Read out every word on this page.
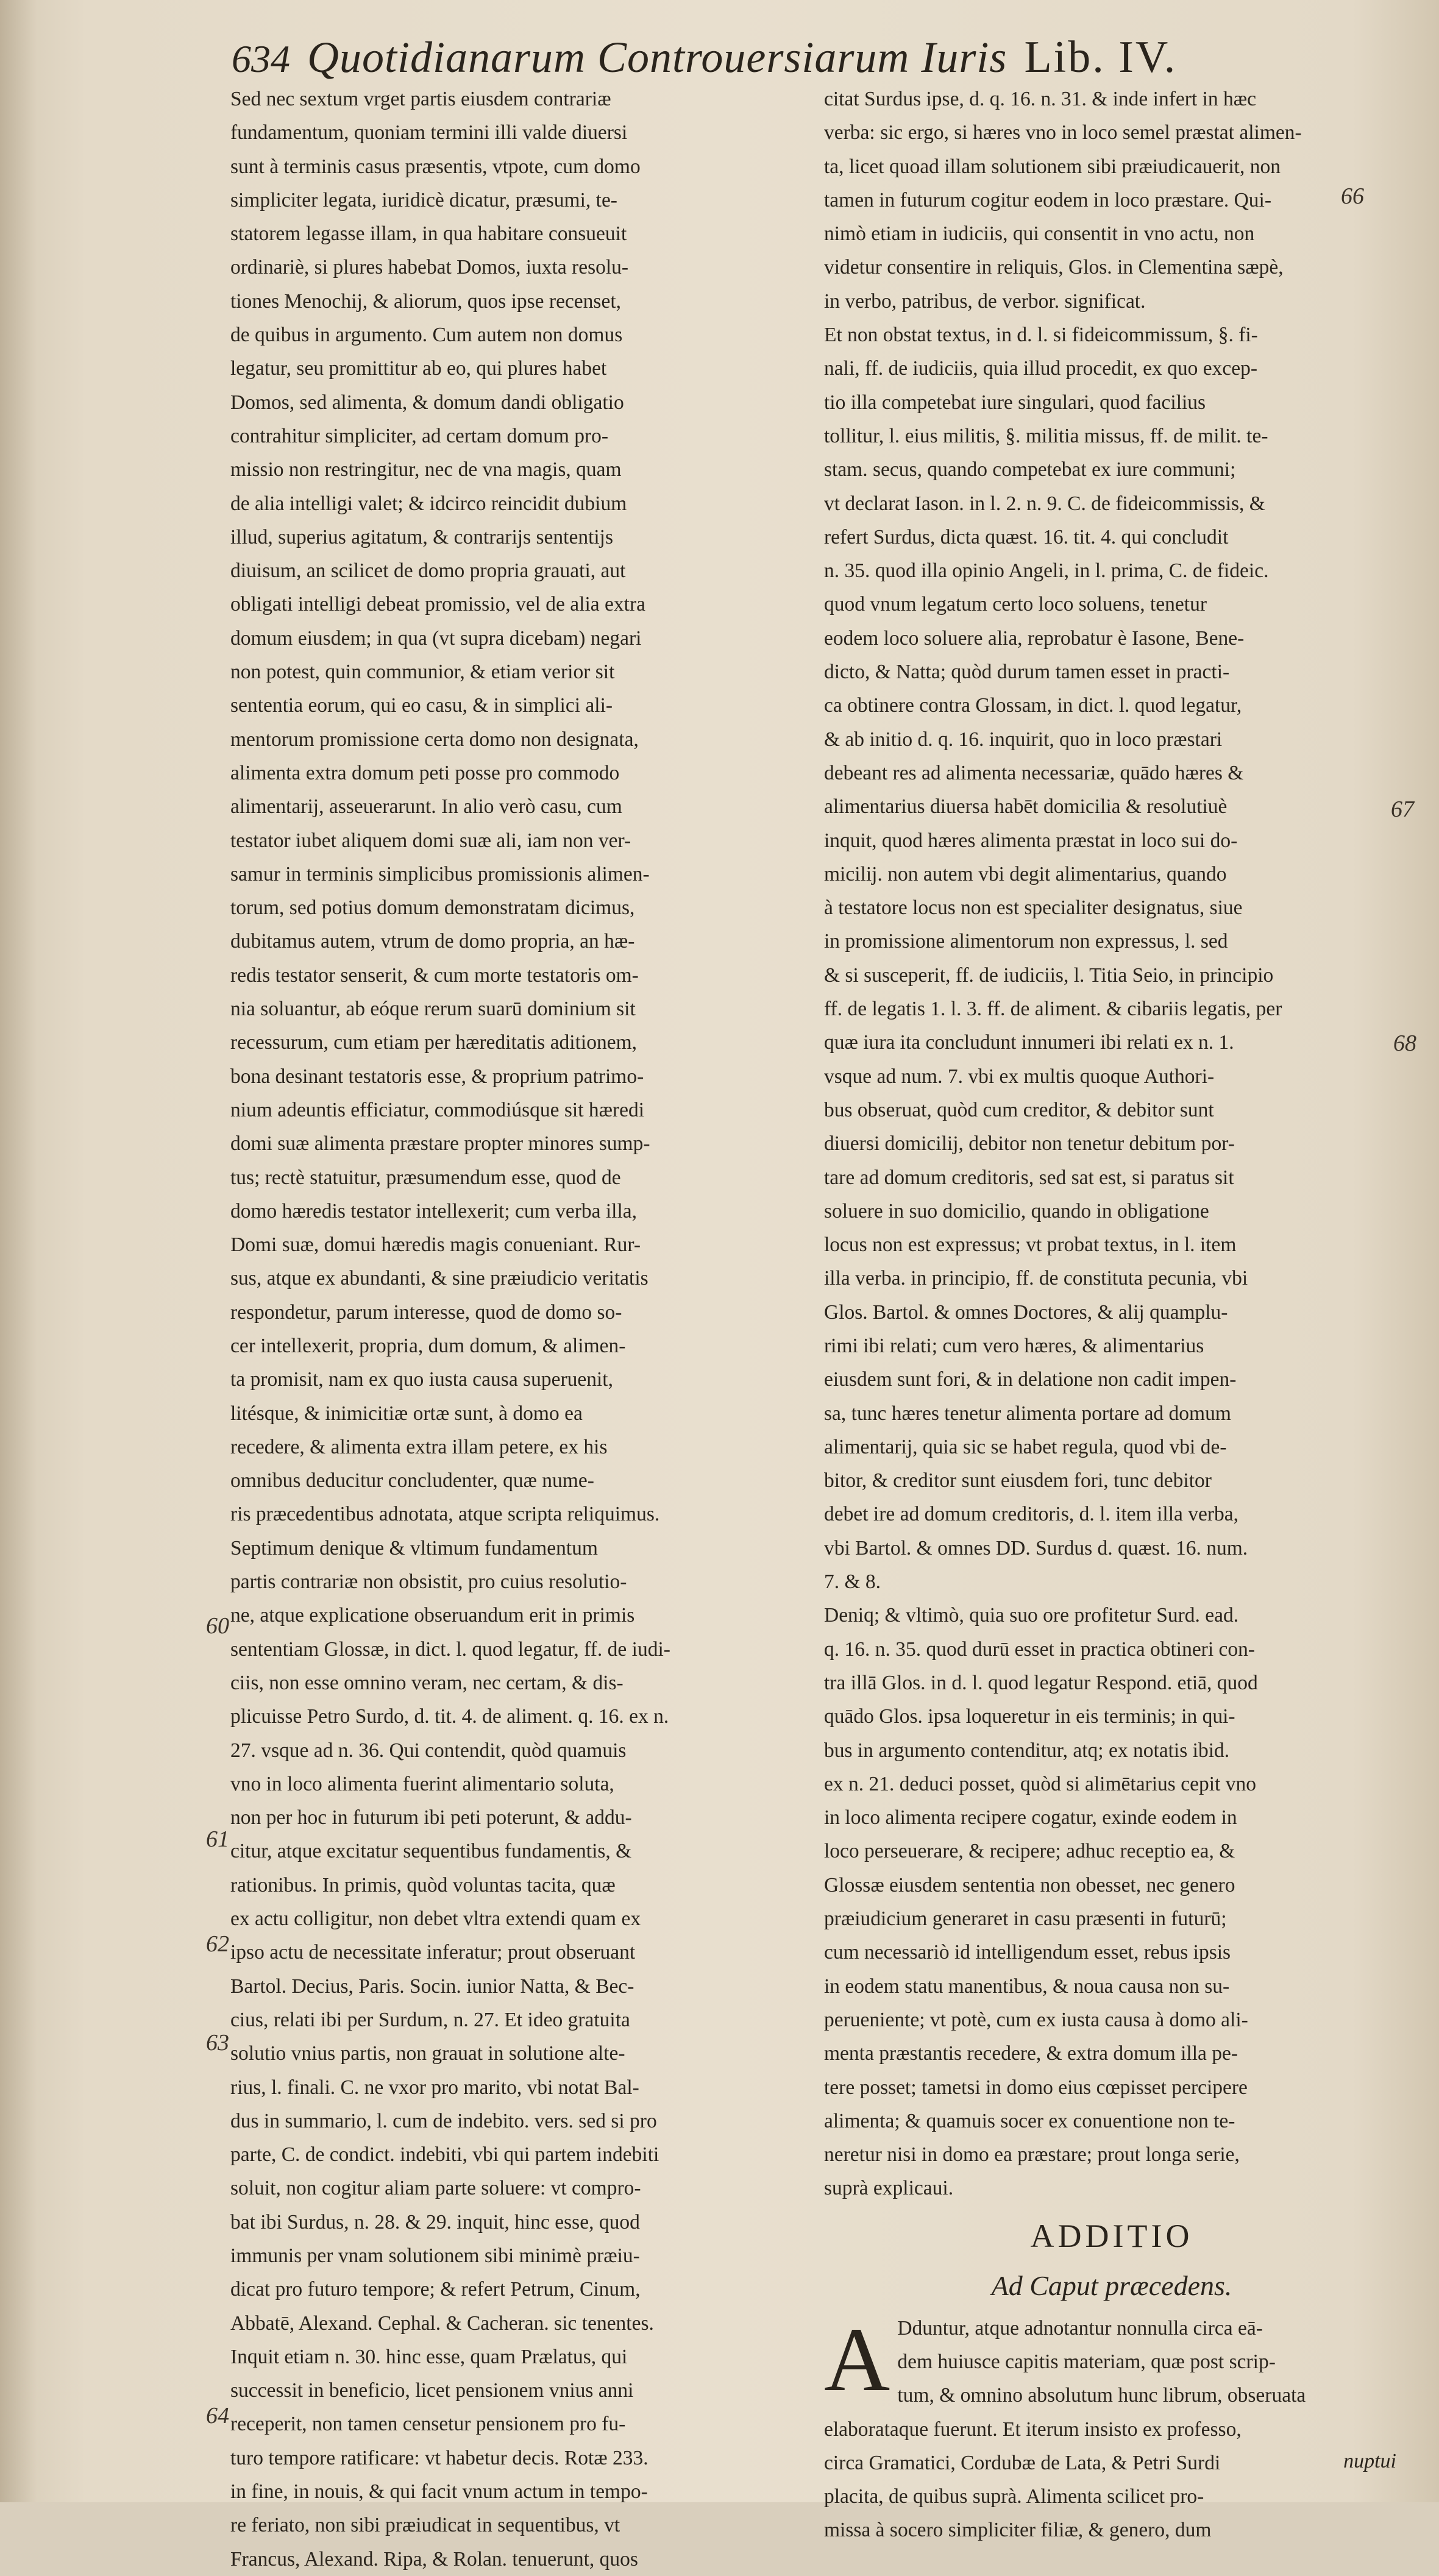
634 Quotidianarum Controuersiarum Iuris Lib. IV.
Sed nec sextum vrget partis eiusdem contrariæ
fundamentum, quoniam termini illi valde diuersi
sunt à terminis casus præsentis, vtpote, cum domo
simpliciter legata, iuridicè dicatur, præsumi, te-
statorem legasse illam, in qua habitare consueuit
ordinariè, si plures habebat Domos, iuxta resolu-
tiones Menochij, & aliorum, quos ipse recenset,
de quibus in argumento. Cum autem non domus
legatur, seu promittitur ab eo, qui plures habet
Domos, sed alimenta, & domum dandi obligatio
contrahitur simpliciter, ad certam domum pro-
missio non restringitur, nec de vna magis, quam
de alia intelligi valet; & idcirco reincidit dubium
illud, superius agitatum, & contrarijs sententijs
diuisum, an scilicet de domo propria grauati, aut
obligati intelligi debeat promissio, vel de alia extra
domum eiusdem; in qua (vt supra dicebam) negari
non potest, quin communior, & etiam verior sit
sententia eorum, qui eo casu, & in simplici ali-
mentorum promissione certa domo non designata,
alimenta extra domum peti posse pro commodo
alimentarij, asseuerarunt. In alio verò casu, cum
testator iubet aliquem domi suæ ali, iam non ver-
samur in terminis simplicibus promissionis alimen-
torum, sed potius domum demonstratam dicimus,
dubitamus autem, vtrum de domo propria, an hæ-
redis testator senserit, & cum morte testatoris om-
nia soluantur, ab eóque rerum suarū dominium sit
recessurum, cum etiam per hæreditatis aditionem,
bona desinant testatoris esse, & proprium patrimo-
nium adeuntis efficiatur, commodiúsque sit hæredi
domi suæ alimenta præstare propter minores sump-
tus; rectè statuitur, præsumendum esse, quod de
domo hæredis testator intellexerit; cum verba illa,
Domi suæ, domui hæredis magis conueniant. Rur-
sus, atque ex abundanti, & sine præiudicio veritatis
respondetur, parum interesse, quod de domo so-
cer intellexerit, propria, dum domum, & alimen-
ta promisit, nam ex quo iusta causa superuenit,
litésque, & inimicitiæ ortæ sunt, à domo ea
recedere, & alimenta extra illam petere, ex his
omnibus deducitur concludenter, quæ nume-
ris præcedentibus adnotata, atque scripta reliquimus.
Septimum denique & vltimum fundamentum
partis contrariæ non obsistit, pro cuius resolutio-
ne, atque explicatione obseruandum erit in primis
sententiam Glossæ, in dict. l. quod legatur, ff. de iudi-
ciis, non esse omnino veram, nec certam, & dis-
plicuisse Petro Surdo, d. tit. 4. de aliment. q. 16. ex n.
27. vsque ad n. 36. Qui contendit, quòd quamuis
vno in loco alimenta fuerint alimentario soluta,
non per hoc in futurum ibi peti poterunt, & addu-
citur, atque excitatur sequentibus fundamentis, &
rationibus. In primis, quòd voluntas tacita, quæ
ex actu colligitur, non debet vltra extendi quam ex
ipso actu de necessitate inferatur; prout obseruant
Bartol. Decius, Paris. Socin. iunior Natta, & Bec-
cius, relati ibi per Surdum, n. 27. Et ideo gratuita
solutio vnius partis, non grauat in solutione alte-
rius, l. finali. C. ne vxor pro marito, vbi notat Bal-
dus in summario, l. cum de indebito. vers. sed si pro
parte, C. de condict. indebiti, vbi qui partem indebiti
soluit, non cogitur aliam parte soluere: vt compro-
bat ibi Surdus, n. 28. & 29. inquit, hinc esse, quod
immunis per vnam solutionem sibi minimè præiu-
dicat pro futuro tempore; & refert Petrum, Cinum,
Abbatē, Alexand. Cephal. & Cacheran. sic tenentes.
Inquit etiam n. 30. hinc esse, quam Prælatus, qui
successit in beneficio, licet pensionem vnius anni
receperit, non tamen censetur pensionem pro fu-
turo tempore ratificare: vt habetur decis. Rotæ 233.
in fine, in nouis, & qui facit vnum actum in tempo-
re feriato, non sibi præiudicat in sequentibus, vt
Francus, Alexand. Ripa, & Rolan. tenuerunt, quos
citat Surdus ipse, d. q. 16. n. 31. & inde infert in hæc
verba: sic ergo, si hæres vno in loco semel præstat alimen-
ta, licet quoad illam solutionem sibi præiudicauerit, non
tamen in futurum cogitur eodem in loco præstare. Qui-
nimò etiam in iudiciis, qui consentit in vno actu, non
videtur consentire in reliquis, Glos. in Clementina sæpè,
in verbo, patribus, de verbor. significat.
Et non obstat textus, in d. l. si fideicommissum, §. fi-
nali, ff. de iudiciis, quia illud procedit, ex quo excep-
tio illa competebat iure singulari, quod facilius
tollitur, l. eius militis, §. militia missus, ff. de milit. te-
stam. secus, quando competebat ex iure communi;
vt declarat Iason. in l. 2. n. 9. C. de fideicommissis, &
refert Surdus, dicta quæst. 16. tit. 4. qui concludit
n. 35. quod illa opinio Angeli, in l. prima, C. de fideic.
quod vnum legatum certo loco soluens, tenetur
eodem loco soluere alia, reprobatur è Iasone, Bene-
dicto, & Natta; quòd durum tamen esset in practi-
ca obtinere contra Glossam, in dict. l. quod legatur,
& ab initio d. q. 16. inquirit, quo in loco præstari
debeant res ad alimenta necessariæ, quādo hæres &
alimentarius diuersa habēt domicilia & resolutiuè
inquit, quod hæres alimenta præstat in loco sui do-
micilij. non autem vbi degit alimentarius, quando
à testatore locus non est specialiter designatus, siue
in promissione alimentorum non expressus, l. sed
& si susceperit, ff. de iudiciis, l. Titia Seio, in principio
ff. de legatis 1. l. 3. ff. de aliment. & cibariis legatis, per
quæ iura ita concludunt innumeri ibi relati ex n. 1.
vsque ad num. 7. vbi ex multis quoque Authori-
bus obseruat, quòd cum creditor, & debitor sunt
diuersi domicilij, debitor non tenetur debitum por-
tare ad domum creditoris, sed sat est, si paratus sit
soluere in suo domicilio, quando in obligatione
locus non est expressus; vt probat textus, in l. item
illa verba. in principio, ff. de constituta pecunia, vbi
Glos. Bartol. & omnes Doctores, & alij quamplu-
rimi ibi relati; cum vero hæres, & alimentarius
eiusdem sunt fori, & in delatione non cadit impen-
sa, tunc hæres tenetur alimenta portare ad domum
alimentarij, quia sic se habet regula, quod vbi de-
bitor, & creditor sunt eiusdem fori, tunc debitor
debet ire ad domum creditoris, d. l. item illa verba,
vbi Bartol. & omnes DD. Surdus d. quæst. 16. num.
7. & 8.
Deniq; & vltimò, quia suo ore profitetur Surd. ead.
q. 16. n. 35. quod durū esset in practica obtineri con-
tra illā Glos. in d. l. quod legatur Respond. etiā, quod
quādo Glos. ipsa loqueretur in eis terminis; in qui-
bus in argumento contenditur, atq; ex notatis ibid.
ex n. 21. deduci posset, quòd si alimētarius cepit vno
in loco alimenta recipere cogatur, exinde eodem in
loco perseuerare, & recipere; adhuc receptio ea, &
Glossæ eiusdem sententia non obesset, nec genero
præiudicium generaret in casu præsenti in futurū;
cum necessariò id intelligendum esset, rebus ipsis
in eodem statu manentibus, & noua causa non su-
perueniente; vt potè, cum ex iusta causa à domo ali-
menta præstantis recedere, & extra domum illa pe-
tere posset; tametsi in domo eius cœpisset percipere
alimenta; & quamuis socer ex conuentione non te-
neretur nisi in domo ea præstare; prout longa serie,
suprà explicaui.
ADDITIO
Ad Caput præcedens.
A Dduntur, atque adnotantur nonnulla circa eā-
dem huiusce capitis materiam, quæ post scrip-
tum, & omnino absolutum hunc librum, obseruata
elaborataque fuerunt. Et iterum insisto ex professo,
circa Gramatici, Cordubæ de Lata, & Petri Surdi
placita, de quibus suprà. Alimenta scilicet pro-
missa à socero simpliciter filiæ, & genero, dum
66
67
68
60
61
62
63
64
nuptui
